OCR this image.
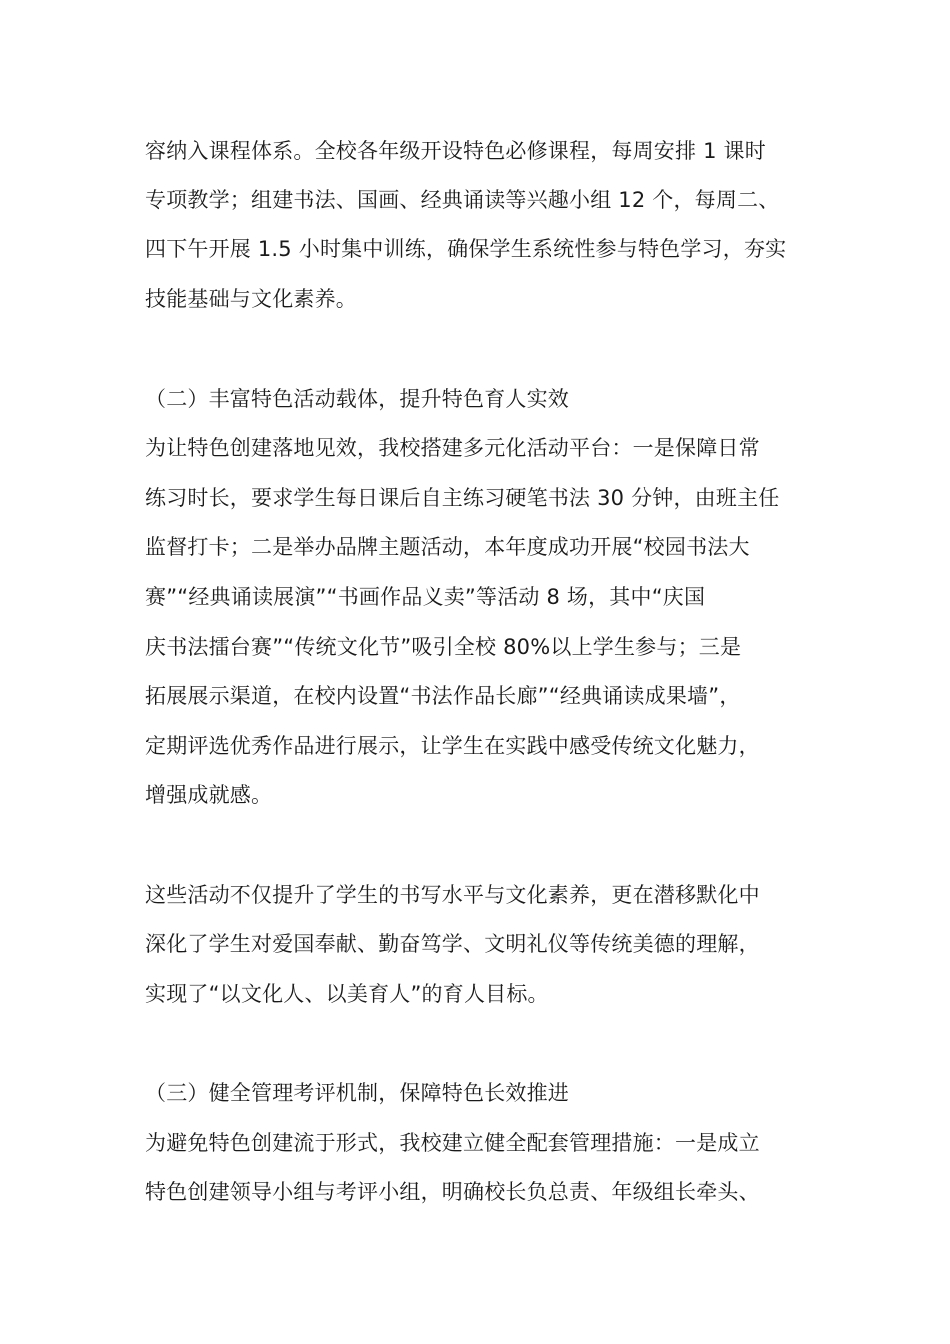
容纳入课程体系。全校各年级开设特色必修课程，每周安排 1 课时
专项教学；组建书法、国画、经典诵读等兴趣小组 12 个，每周二、
四下午开展 1.5 小时集中训练，确保学生系统性参与特色学习，夯实
技能基础与文化素养。
（二）丰富特色活动载体，提升特色育人实效
为让特色创建落地见效，我校搭建多元化活动平台：一是保障日常
练习时长，要求学生每日课后自主练习硬笔书法 30 分钟，由班主任
监督打卡；二是举办品牌主题活动，本年度成功开展“校园书法大
赛”“经典诵读展演”“书画作品义卖”等活动 8 场，其中“庆国
庆书法擂台赛”“传统文化节”吸引全校 80%以上学生参与；三是
拓展展示渠道，在校内设置“书法作品长廊”“经典诵读成果墙”，
定期评选优秀作品进行展示，让学生在实践中感受传统文化魅力，
增强成就感。
这些活动不仅提升了学生的书写水平与文化素养，更在潜移默化中
深化了学生对爱国奉献、勤奋笃学、文明礼仪等传统美德的理解，
实现了“以文化人、以美育人”的育人目标。
（三）健全管理考评机制，保障特色长效推进
为避免特色创建流于形式，我校建立健全配套管理措施：一是成立
特色创建领导小组与考评小组，明确校长负总责、年级组长牵头、
